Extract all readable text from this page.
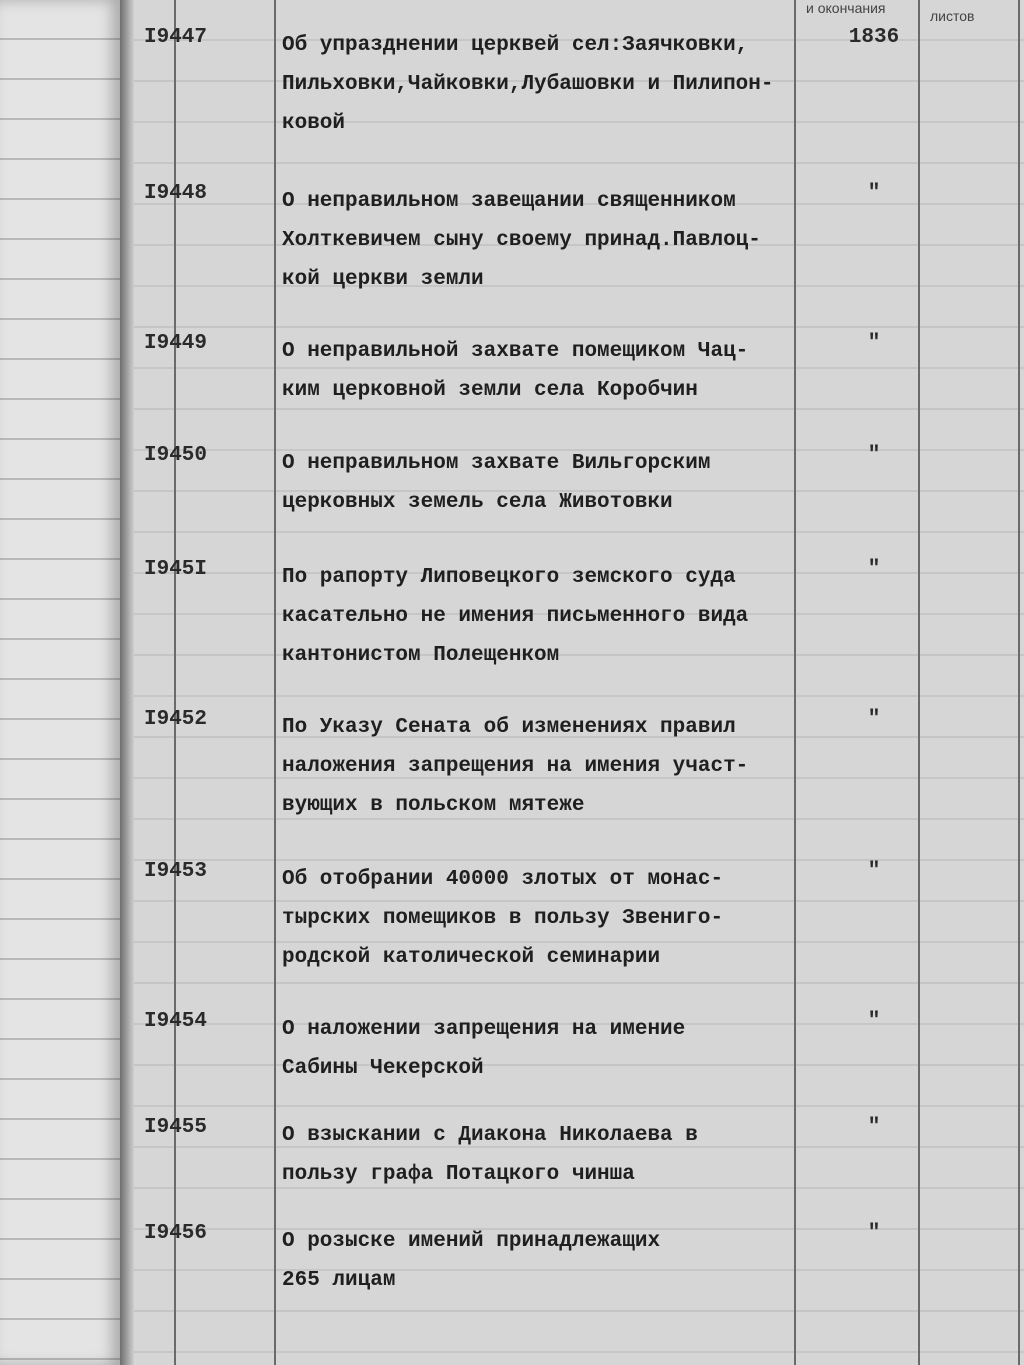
и окончания	листов
I9447	Об упразднении церквей сел:Заячковки,
Пильховки,Чайковки,Лубашовки и Пилипон-
ковой
1836
I9448	О неправильном завещании священником
Холткевичем сыну своему принад.Павлоц-
кой церкви земли
"
I9449	О неправильной захвате помещиком Чац-
ким церковной земли села Коробчин
"
I9450	О неправильном захвате Вильгорским
церковных земель села Животовки
"
I945I	По рапорту Липовецкого земского суда
касательно не имения письменного вида
кантонистом Полещенком
"
I9452	По Указу Сената об изменениях правил
наложения запрещения на имения участ-
вующих в польском мятеже
"
I9453	Об отобрании 40000 злотых от монас-
тырских помещиков в пользу Звениго-
родской католической семинарии
"
I9454	О наложении запрещения на имение
Сабины Чекерской
"
I9455	О взыскании с Диакона Николаева в
пользу графа Потацкого чинша
"
I9456	О розыске имений принадлежащих
265 лицам
"
